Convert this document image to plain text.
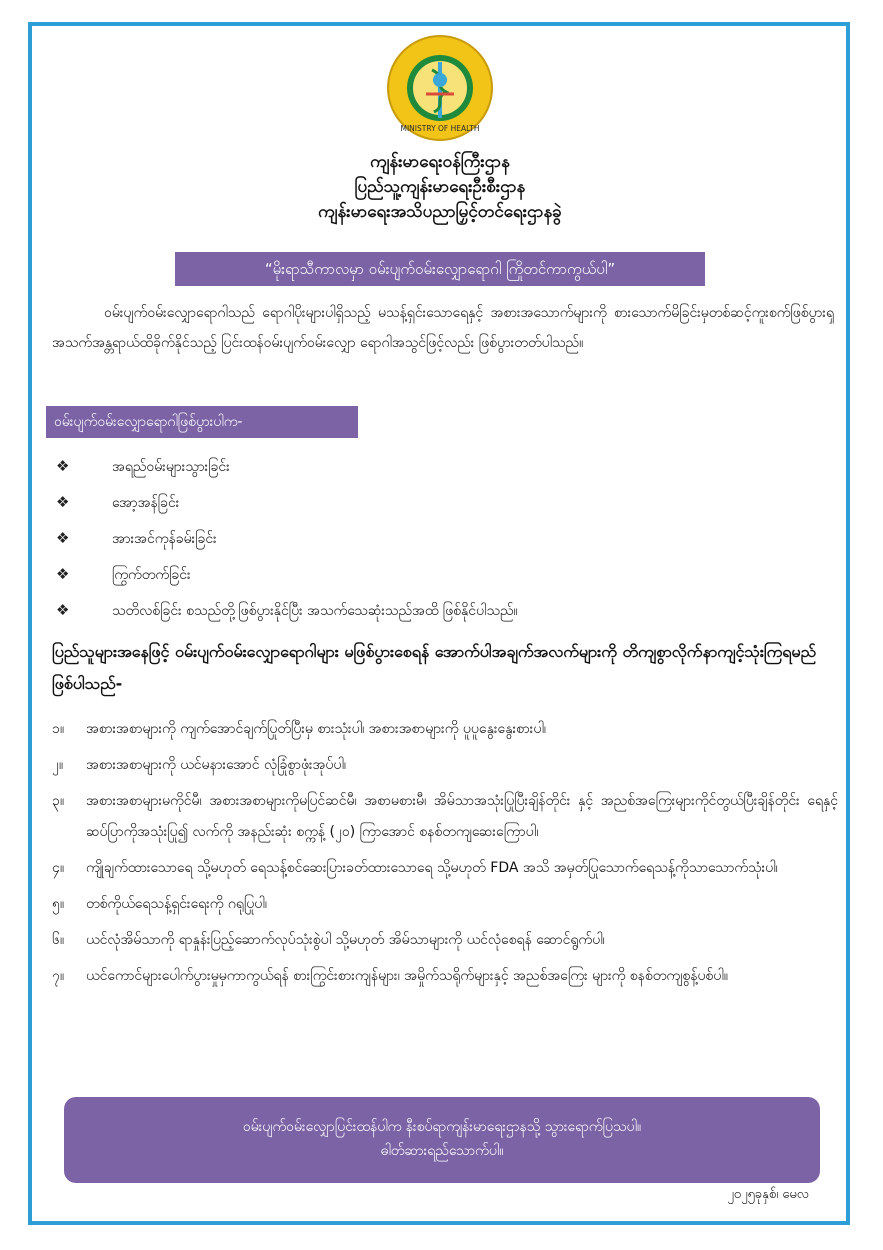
MINISTRY OF HEALTH
ကျန်းမာရေးဝန်ကြီးဌာန
ပြည်သူ့ကျန်းမာရေးဦးစီးဌာန
ကျန်းမာရေးအသိပညာမြှင့်တင်ရေးဌာနခွဲ
“မိုးရာသီကာလမှာ ဝမ်းပျက်ဝမ်းလျှောရောဂါ ကြိုတင်ကာကွယ်ပါ”
ဝမ်းပျက်ဝမ်းလျှောရောဂါသည် ရောဂါပိုးများပါရှိသည့် မသန့်ရှင်းသောရေနှင့် အစားအသောက်များကို စားသောက်မိခြင်းမှတစ်ဆင့်ကူးစက်ဖြစ်ပွားၡ အသက်အန္တရာယ်ထိခိုက်နိုင်သည့် ပြင်းထန်ဝမ်းပျက်ဝမ်းလျှော ရောဂါအသွင်ဖြင့်လည်း ဖြစ်ပွားတတ်ပါသည်။
ဝမ်းပျက်ဝမ်းလျှောရောဂါဖြစ်ပွားပါက-
❖	အရည်ဝမ်းများသွားခြင်း
❖	အော့အန်ခြင်း
❖	အားအင်ကုန်ခမ်းခြင်း
❖	ကြွက်တက်ခြင်း
❖	သတိလစ်ခြင်း စသည်တို့ဖြစ်ပွားနိုင်ပြီး အသက်သေဆုံးသည်အထိ ဖြစ်နိုင်ပါသည်။
ပြည်သူများအနေဖြင့် ဝမ်းပျက်ဝမ်းလျှောရောဂါများ မဖြစ်ပွားစေရန် အောက်ပါအချက်အလက်များကို တိကျစွာလိုက်နာကျင့်သုံးကြရမည် ဖြစ်ပါသည်-
၁။	အစားအစာများကို ကျက်အောင်ချက်ပြုတ်ပြီးမှ စားသုံးပါ၊ အစားအစာများကို ပူပူနွေးနွေးစားပါ၊
၂။	အစားအစာများကို ယင်မနားအောင် လုံခြုံစွာဖုံးအုပ်ပါ၊
၃။	အစားအစာများမကိုင်မီ၊ အစားအစာများကိုမပြင်ဆင်မီ၊ အစာမစားမီ၊ အိမ်သာအသုံးပြုပြီးချိန်တိုင်း နှင့် အညစ်အကြေးများကိုင်တွယ်ပြီးချိန်တိုင်း ရေနှင့်ဆပ်ပြာကိုအသုံးပြု၍ လက်ကို အနည်းဆုံး စက္ကန့် (၂၀) ကြာအောင် စနစ်တကျဆေးကြောပါ၊
၄။	ကျိုချက်ထားသောရေ သို့မဟုတ် ရေသန့်စင်ဆေးပြားခတ်ထားသောရေ သို့မဟုတ် FDA အသိ အမှတ်ပြုသောက်ရေသန့်ကိုသာသောက်သုံးပါ၊
၅။	တစ်ကိုယ်ရေသန့်ရှင်းရေးကို ဂရုပြုပါ၊
၆။	ယင်လုံအိမ်သာကို ရာနှုန်းပြည့်ဆောက်လုပ်သုံးစွဲပါ သို့မဟုတ် အိမ်သာများကို ယင်လုံစေရန် ဆောင်ရွက်ပါ၊
၇။	ယင်ကောင်များပေါက်ပွားမှုမှကာကွယ်ရန် စားကြွင်းစားကျန်များ၊ အမှိုက်သရိုက်များနှင့် အညစ်အကြေး များကို စနစ်တကျစွန့်ပစ်ပါ။
ဝမ်းပျက်ဝမ်းလျှောပြင်းထန်ပါက နီးစပ်ရာကျန်းမာရေးဌာနသို့ သွားရောက်ပြသပါ။
ဓါတ်ဆားရည်သောက်ပါ။
၂၀၂၅ခုနှစ်၊ မေလ
